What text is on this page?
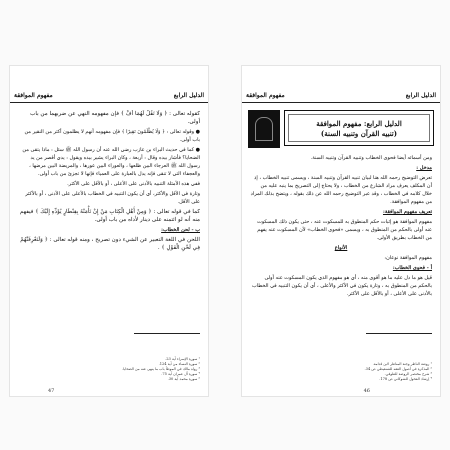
الدليل الرابع
مفهوم الموافقة

كقوله تعالى : ﴿ وَلَا تَقُلْ لَهُمَا أُفٍّ ﴾ فإن مفهومه النهي عن ضربهما من باب أولى.

● وقوله تعالى : ﴿ وَلَا يُظْلَمُونَ نَقِيرًا ﴾ فإن مفهومه أنهم لا يظلمون أكثر من النقير من باب أولى.

● كما في حديث البراء بن عازب رضي الله عنه أن رسول الله ﷺ سئل : ماذا يتقى من الضحايا؟ فأشار بيده وقال : أربعة ، وكان البراء يشير بيده ويقول : يدي أقصر من يد رسول الله ﷺ العرجاء البين ظلعها ، والعوراء البين عورها ، والمريضة البين مرضها ، والعجفاء التي لا تنقى فإنه يدل بالعبارة على العمياء فإنها لا تجزئ من باب أولى.

ففي هذه الأمثلة التنبيه بالأدنى على الأعلى ، أو بالأقل على الأكثر.

وتارة في الأقل والأكثر، أي أن يكون التنبيه في الخطاب بالأعلى على الأدنى ، أو بالأكثر على الأقل.

كما في قوله تعالى : ﴿ وَمِنْ أَهْلِ الْكِتَابِ مَنْ إِنْ تَأْمَنْهُ بِقِنْطَارٍ يُؤَدِّهِ إِلَيْكَ ﴾ فيفهم منه أنه لو ائتمنه على دينار لأداه من باب أولى.

ب - لحن الخطاب:

اللحن في اللغة التعبير عن الشيء دون تصريح ، ومنه قوله تعالى : ﴿ وَلَتَعْرِفَنَّهُمْ فِي لَحْنِ الْقَوْلِ ﴾ .

¹ سورة الإسراء آية 23.
² سورة النساء من آية 124.
³ رواه مالك في الموطأ باب ما ينهى عنه من الضحايا.
⁴ سورة آل عمران آية 75.
⁵ سورة محمد آية 30.
47
الدليل الرابع
مفهوم الموافقة
الدليل الرابع: مفهوم الموافقة
(تنبيه القرآن وتنبيه السنة)

ومن أسمائه أيضا فحوى الخطاب وتنبيه القرآن وتنبيه السنة.

مدخل :

تعرض التوضيح رحمه الله هنا لبيان تنبيه القرآن وتنبيه السنة ، ويسمى تنبيه الخطاب ، إذ أن المكلف يعرف مراد الشارع من الخطاب ، ولا يحتاج إلى التصريح بما ينبه عليه من خلال كلامه في الخطاب ، وقد عبر التوضيح رحمه الله عن ذلك بقوله ، ويتضح بذلك المراد من مفهوم الموافقة.

تعريف مفهوم الموافقة:

مفهوم الموافقة هو إثبات حكم المنطوق به للمسكوت عنه ، حتى يكون ذلك المسكوت عنه أولى بالحكم من المنطوق به ، ويسمى «فحوى الخطاب» لأن المسكوت عنه يفهم من الخطاب بطريق الأولى.

الأنواع

مفهوم الموافقة نوعان:

أ - فحوى الخطاب:

قيل هو ما دل عليه ما هو أقوى منه ، أي هو مفهوم الذي يكون المسكوت عنه أولى بالحكم من المنطوق به ، وتارة يكون في الأكثر والأعلى ، أي أن يكون التنبيه في الخطاب بالأدنى على الأعلى ، أو بالأقل على الأكثر.

¹ روضة الناظر وجنة المناظر لابن قدامة.
² المذكرة في أصول الفقه للشنقيطي ص 34.
³ شرح مختصر الروضة للطوفي.
⁴ إرشاد الفحول للشوكاني ص 178.
46
